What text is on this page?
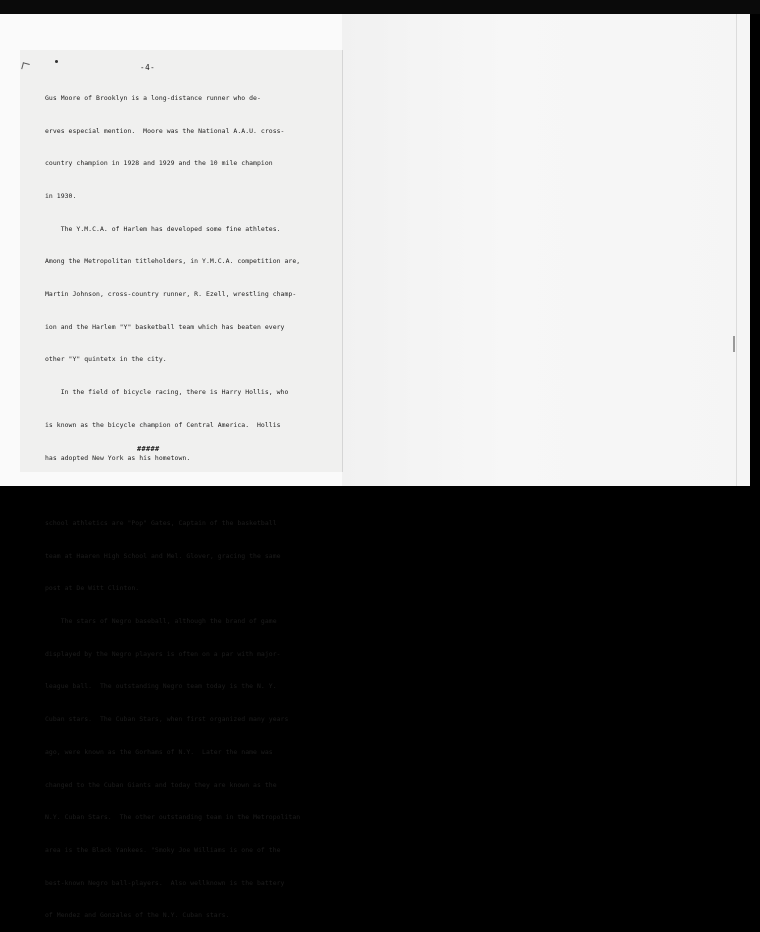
-4-

Gus Moore of Brooklyn is a long-distance runner who de-

erves especial mention.  Moore was the National A.A.U. cross-

country champion in 1928 and 1929 and the 10 mile champion

in 1930.

The Y.M.C.A. of Harlem has developed some fine athletes.

Among the Metropolitan titleholders, in Y.M.C.A. competition are,

Martin Johnson, cross-country runner, R. Ezell, wrestling champ-

ion and the Harlem "Y" basketball team which has beaten every

other "Y" quintetx in the city.

In the field of bicycle racing, there is Harry Hollis, who

is known as the bicycle champion of Central America.  Hollis

has adopted New York as his hometown.

school athletics are "Pop" Gates, Captain of the basketball

team at Haaren High School and Mel. Glover, gracing the same

post at De Witt Clinton.

The stars of Negro baseball, although the brand of game

displayed by the Negro players is often on a par with major-

league ball.  The outstanding Negro team today is the N. Y.

Cuban stars.  The Cuban Stars, when first organized many years

ago, were known as the Gorhams of N.Y.  Later the name was

changed to the Cuban Giants and today they are known as the

N.Y. Cuban Stars.  The other outstanding team in the Metropolitan

area is the Black Yankees. "Smoky Joe Williams is one of the

best-known Negro ball-players.  Also wellknown is the battery

of Mendez and Gonzales of the N.Y. Cuban stars.

#####
